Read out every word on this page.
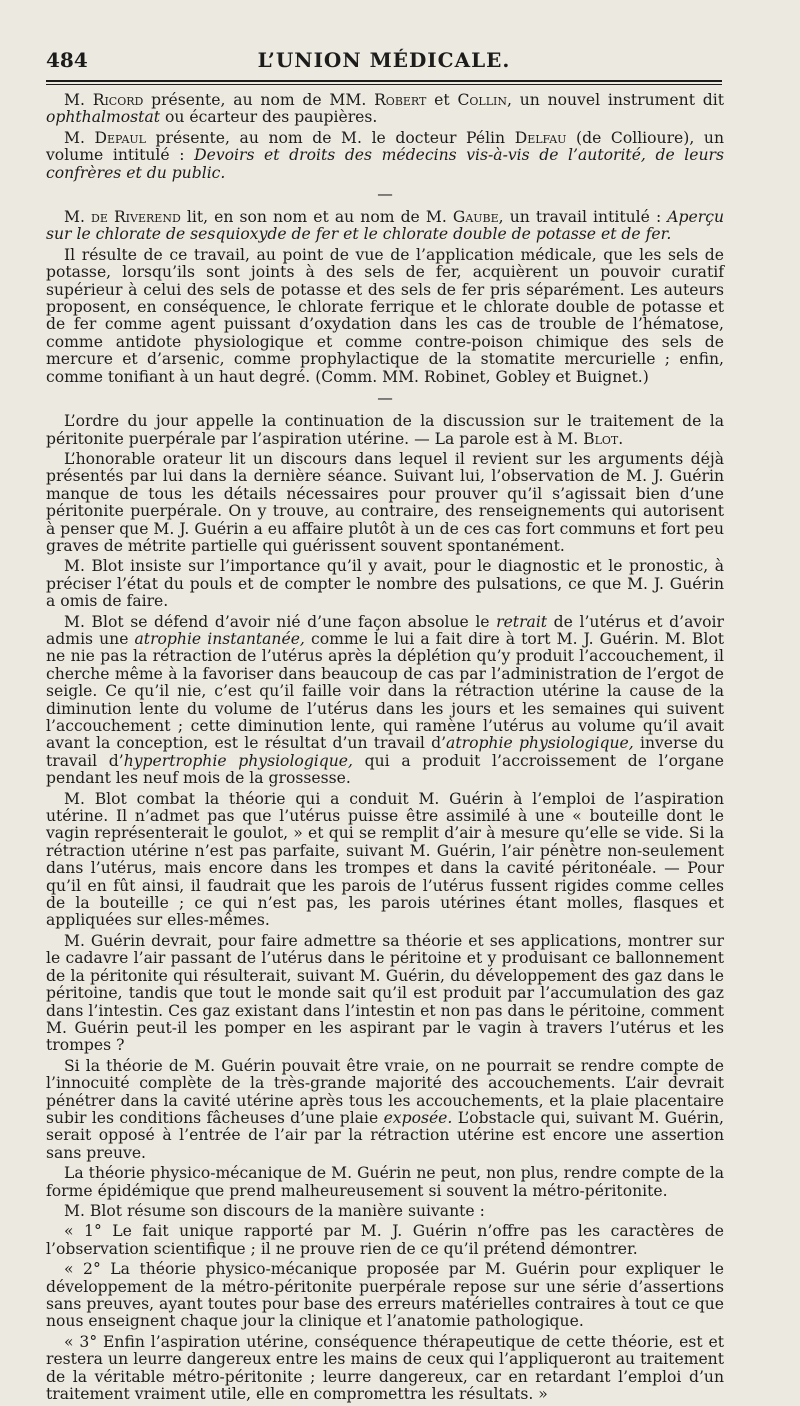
484	L’UNION MÉDICALE.

M. Ricord présente, au nom de MM. Robert et Collin, un nouvel instrument dit ophthalmostat ou écarteur des paupières.

M. Depaul présente, au nom de M. le docteur Pélin Delfau (de Collioure), un volume intitulé : Devoirs et droits des médecins vis-à-vis de l’autorité, de leurs confrères et du public.

—

M. de Riverend lit, en son nom et au nom de M. Gaube, un travail intitulé : Aperçu sur le chlorate de sesquioxyde de fer et le chlorate double de potasse et de fer.

Il résulte de ce travail, au point de vue de l’application médicale, que les sels de potasse, lorsqu’ils sont joints à des sels de fer, acquièrent un pouvoir curatif supérieur à celui des sels de potasse et des sels de fer pris séparément. Les auteurs proposent, en conséquence, le chlorate ferrique et le chlorate double de potasse et de fer comme agent puissant d’oxydation dans les cas de trouble de l’hématose, comme antidote physiologique et comme contre-poison chimique des sels de mercure et d’arsenic, comme prophylactique de la stomatite mercurielle ; enfin, comme tonifiant à un haut degré. (Comm. MM. Robinet, Gobley et Buignet.)

—

L’ordre du jour appelle la continuation de la discussion sur le traitement de la péritonite puerpérale par l’aspiration utérine. — La parole est à M. Blot.

L’honorable orateur lit un discours dans lequel il revient sur les arguments déjà présentés par lui dans la dernière séance. Suivant lui, l’observation de M. J. Guérin manque de tous les détails nécessaires pour prouver qu’il s’agissait bien d’une péritonite puerpérale. On y trouve, au contraire, des renseignements qui autorisent à penser que M. J. Guérin a eu affaire plutôt à un de ces cas fort communs et fort peu graves de métrite partielle qui guérissent souvent spontanément.

M. Blot insiste sur l’importance qu’il y avait, pour le diagnostic et le pronostic, à préciser l’état du pouls et de compter le nombre des pulsations, ce que M. J. Guérin a omis de faire.

M. Blot se défend d’avoir nié d’une façon absolue le retrait de l’utérus et d’avoir admis une atrophie instantanée, comme le lui a fait dire à tort M. J. Guérin. M. Blot ne nie pas la rétraction de l’utérus après la déplétion qu’y produit l’accouchement, il cherche même à la favoriser dans beaucoup de cas par l’administration de l’ergot de seigle. Ce qu’il nie, c’est qu’il faille voir dans la rétraction utérine la cause de la diminution lente du volume de l’utérus dans les jours et les semaines qui suivent l’accouchement ; cette diminution lente, qui ramène l’utérus au volume qu’il avait avant la conception, est le résultat d’un travail d’atrophie physiologique, inverse du travail d’hypertrophie physiologique, qui a produit l’accroissement de l’organe pendant les neuf mois de la grossesse.

M. Blot combat la théorie qui a conduit M. Guérin à l’emploi de l’aspiration utérine. Il n’admet pas que l’utérus puisse être assimilé à une « bouteille dont le vagin représenterait le goulot, » et qui se remplit d’air à mesure qu’elle se vide. Si la rétraction utérine n’est pas parfaite, suivant M. Guérin, l’air pénètre non-seulement dans l’utérus, mais encore dans les trompes et dans la cavité péritonéale. — Pour qu’il en fût ainsi, il faudrait que les parois de l’utérus fussent rigides comme celles de la bouteille ; ce qui n’est pas, les parois utérines étant molles, flasques et appliquées sur elles-mêmes.

M. Guérin devrait, pour faire admettre sa théorie et ses applications, montrer sur le cadavre l’air passant de l’utérus dans le péritoine et y produisant ce ballonnement de la péritonite qui résulterait, suivant M. Guérin, du développement des gaz dans le péritoine, tandis que tout le monde sait qu’il est produit par l’accumulation des gaz dans l’intestin. Ces gaz existant dans l’intestin et non pas dans le péritoine, comment M. Guérin peut-il les pomper en les aspirant par le vagin à travers l’utérus et les trompes ?

Si la théorie de M. Guérin pouvait être vraie, on ne pourrait se rendre compte de l’innocuité complète de la très-grande majorité des accouchements. L’air devrait pénétrer dans la cavité utérine après tous les accouchements, et la plaie placentaire subir les conditions fâcheuses d’une plaie exposée. L’obstacle qui, suivant M. Guérin, serait opposé à l’entrée de l’air par la rétraction utérine est encore une assertion sans preuve.

La théorie physico-mécanique de M. Guérin ne peut, non plus, rendre compte de la forme épidémique que prend malheureusement si souvent la métro-péritonite.

M. Blot résume son discours de la manière suivante :

« 1° Le fait unique rapporté par M. J. Guérin n’offre pas les caractères de l’observation scientifique ; il ne prouve rien de ce qu’il prétend démontrer.

« 2° La théorie physico-mécanique proposée par M. Guérin pour expliquer le développement de la métro-péritonite puerpérale repose sur une série d’assertions sans preuves, ayant toutes pour base des erreurs matérielles contraires à tout ce que nous enseignent chaque jour la clinique et l’anatomie pathologique.

« 3° Enfin l’aspiration utérine, conséquence thérapeutique de cette théorie, est et restera un leurre dangereux entre les mains de ceux qui l’appliqueront au traitement de la véritable métro-péritonite ; leurre dangereux, car en retardant l’emploi d’un traitement vraiment utile, elle en compromettra les résultats. »
